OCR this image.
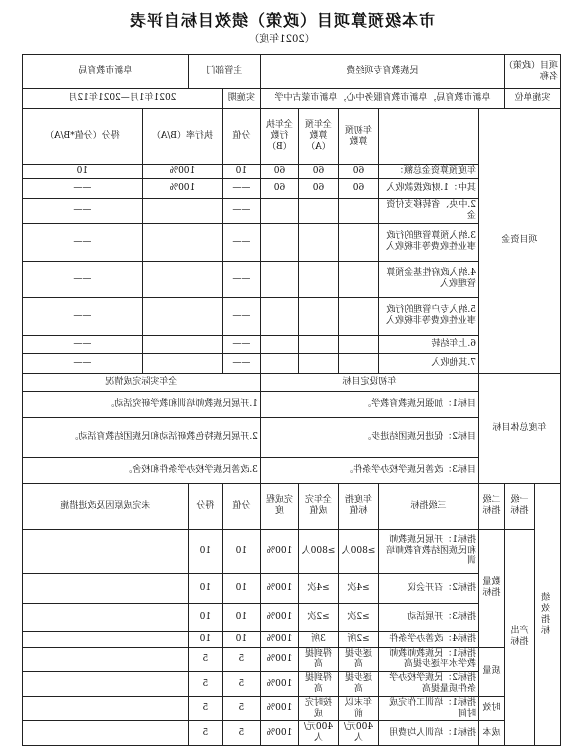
市本级预算项目（政策）绩效目标自评表
（2021年度）
项目（政策）名称		民族教育专项经费					主管部门		阜新市教育局	
实施单位		阜新市教育局，阜新市教育服务中心，阜新市蒙古中学					实施期	2021年1月—2021年12月		
项目资金				年初预算数	全年预算数（A）	全年执行数（B）	分值	执行率（B/A）		得分（分值*B/A）
			年度预算资金总额：	60	60	60	10	100%		10
			其中：1.财政拨款收入	60	60	60	——	100%		——
			2.中央、省转移支付资金				——			——
			3.纳入预算管理的行政事业性收费等非税收入				——			——
			4.纳入政府性基金预算管理收入				——			——
			5.纳入专户管理的行政事业性收费等非税收入				——			——
			6.上年结转				——			——
			7.其他收入				——			——
年度总体目标			年初设定目标				全年实际完成情况			
			目标1：加强民族教育教学。				1.开展民族教师培训和教学研究活动。			
			目标2：促进民族团结进步。				2.开展民族特色教研活动和民族团结教育活动。			
			目标3：改善民族学校办学条件。				3.改善民族学校办学条件和校舍。			
绩效指标	一级指标	二级指标	三级指标	年度指标值	全年完成值	完成程度	分值	得分	未完成原因及改进措施	
	产出指标	数量指标	指标1：开展民族教师和民族团结教育教师培训	≥800人	≥800人	100%	10	10		
			指标2：召开会议	≥4次	≥4次	100%	10	10		
			指标3：开展活动	≥2次	≥2次	100%	10	10		
			指标4：改善办学条件	≥2所	3所	100%	10	10		
		质量	指标1：民族教师教师教学水平逐步提高	逐步提高	得到提高	100%	5	5		
			指标2：民族学校办学条件质量提高	逐步提高	得到提高	100%	5	5		
		时效	指标1：培训工作完成时间	年末以前	按时完成	100%	5	5		
		成本	指标1：培训人均费用	400元/人	400元/人	100%	5	5		
